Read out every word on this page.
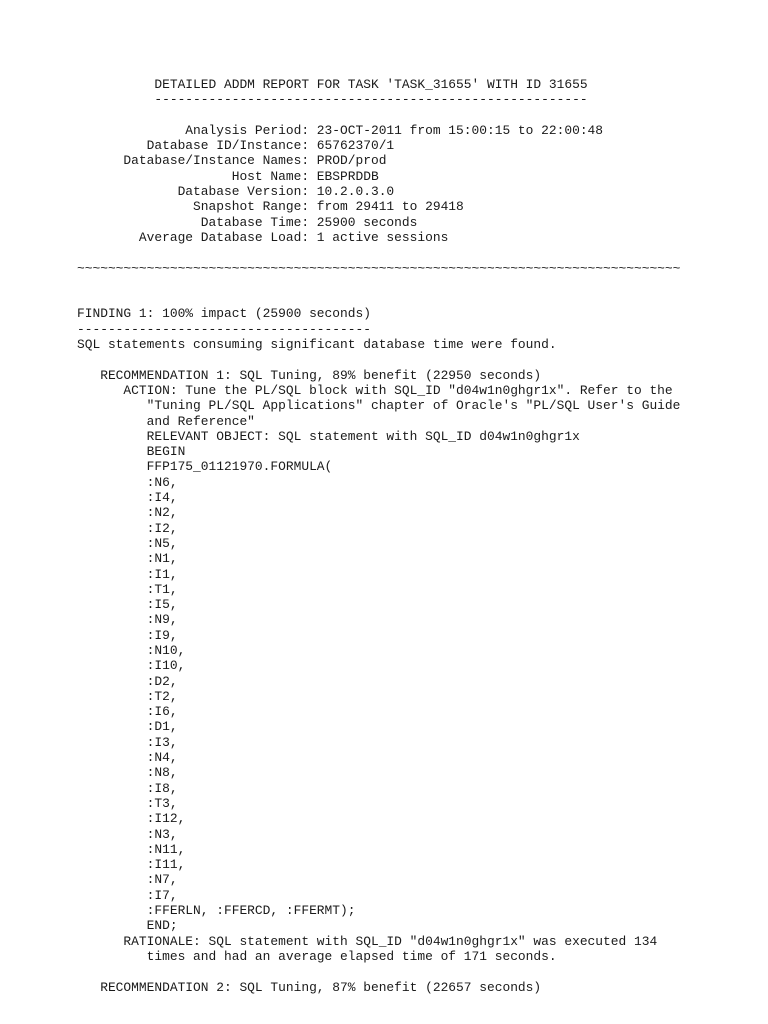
DETAILED ADDM REPORT FOR TASK 'TASK_31655' WITH ID 31655
--------------------------------------------------------
Analysis Period: 23-OCT-2011 from 15:00:15 to 22:00:48
Database ID/Instance: 65762370/1
Database/Instance Names: PROD/prod
Host Name: EBSPRDDB
Database Version: 10.2.0.3.0
Snapshot Range: from 29411 to 29418
Database Time: 25900 seconds
Average Database Load: 1 active sessions
~~~~~~~~~~~~~~~~~~~~~~~~~~~~~~~~~~~~~~~~~~~~~~~~~~~~~~~~~~~~~~~~~~~~~~~~~~~~~~
FINDING 1: 100% impact (25900 seconds)
--------------------------------------
SQL statements consuming significant database time were found.
RECOMMENDATION 1: SQL Tuning, 89% benefit (22950 seconds)
ACTION: Tune the PL/SQL block with SQL_ID "d04w1n0ghgr1x". Refer to the
"Tuning PL/SQL Applications" chapter of Oracle's "PL/SQL User's Guide
and Reference"
RELEVANT OBJECT: SQL statement with SQL_ID d04w1n0ghgr1x
BEGIN
FFP175_01121970.FORMULA(
:N6,
:I4,
:N2,
:I2,
:N5,
:N1,
:I1,
:T1,
:I5,
:N9,
:I9,
:N10,
:I10,
:D2,
:T2,
:I6,
:D1,
:I3,
:N4,
:N8,
:I8,
:T3,
:I12,
:N3,
:N11,
:I11,
:N7,
:I7,
:FFERLN, :FFERCD, :FFERMT);
END;
RATIONALE: SQL statement with SQL_ID "d04w1n0ghgr1x" was executed 134
times and had an average elapsed time of 171 seconds.
RECOMMENDATION 2: SQL Tuning, 87% benefit (22657 seconds)
